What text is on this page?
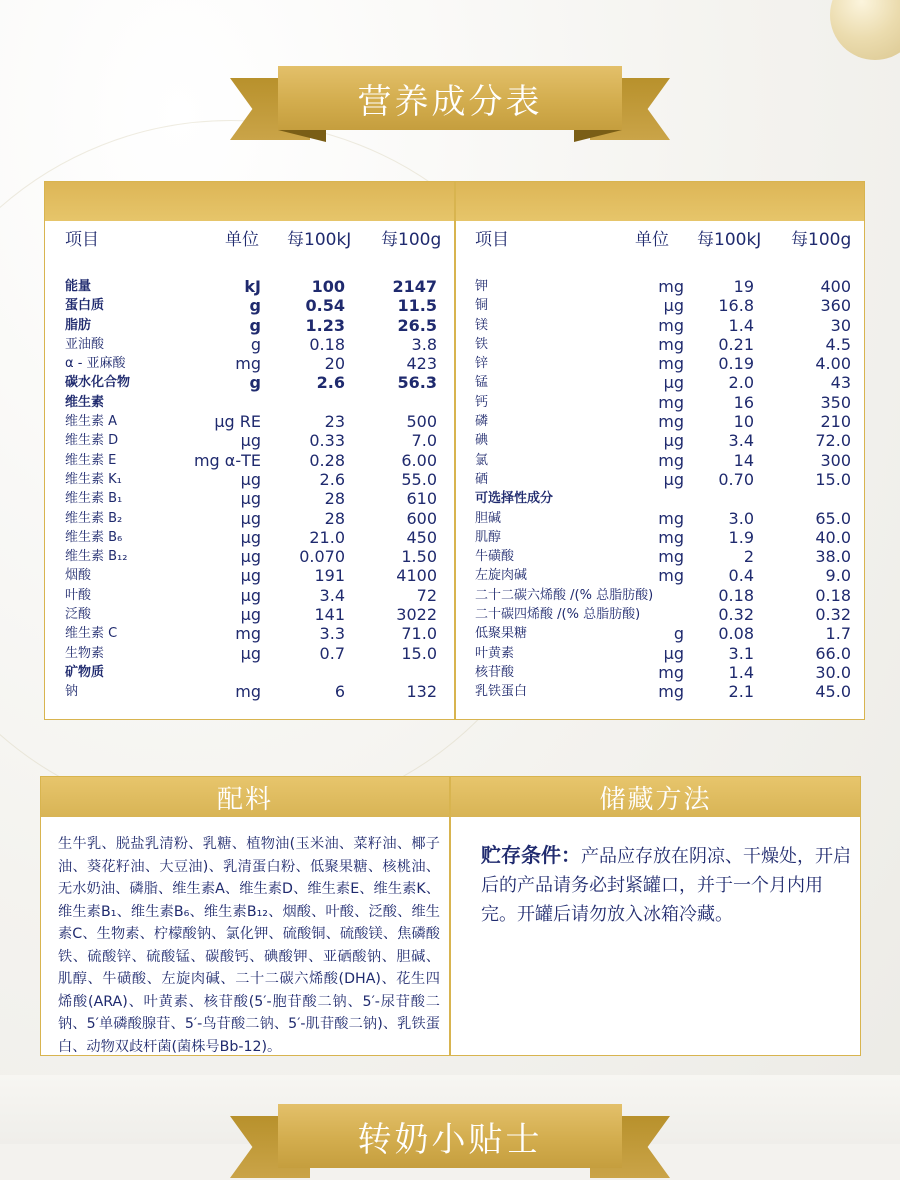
营养成分表
项目	单位 每100kJ 每100g
能量	kJ	100	2147
蛋白质	g	0.54	11.5
脂肪	g	1.23	26.5
亚油酸	g	0.18	3.8
α - 亚麻酸	mg	20	423
碳水化合物	g	2.6	56.3
维生素
维生素 A	μg RE	23	500
维生素 D	μg	0.33	7.0
维生素 E	mg α-TE	0.28	6.00
维生素 K₁	μg	2.6	55.0
维生素 B₁	μg	28	610
维生素 B₂	μg	28	600
维生素 B₆	μg	21.0	450
维生素 B₁₂	μg	0.070	1.50
烟酸	μg	191	4100
叶酸	μg	3.4	72
泛酸	μg	141	3022
维生素 C	mg	3.3	71.0
生物素	μg	0.7	15.0
矿物质
钠	mg	6	132
项目	单位 每100kJ 每100g
钾	mg	19	400
铜	μg	16.8	360
镁	mg	1.4	30
铁	mg	0.21	4.5
锌	mg	0.19	4.00
锰	μg	2.0	43
钙	mg	16	350
磷	mg	10	210
碘	μg	3.4	72.0
氯	mg	14	300
硒	μg	0.70	15.0
可选择性成分
胆碱	mg	3.0	65.0
肌醇	mg	1.9	40.0
牛磺酸	mg	2	38.0
左旋肉碱	mg	0.4	9.0
二十二碳六烯酸 /(% 总脂肪酸)	0.18	0.18
二十碳四烯酸 /(% 总脂肪酸)	0.32	0.32
低聚果糖	g	0.08	1.7
叶黄素	μg	3.1	66.0
核苷酸	mg	1.4	30.0
乳铁蛋白	mg	2.1	45.0
配料	储藏方法
生牛乳、脱盐乳清粉、乳糖、植物油(玉米油、菜籽油、椰子油、葵花籽油、大豆油)、乳清蛋白粉、低聚果糖、核桃油、无水奶油、磷脂、维生素A、维生素D、维生素E、维生素K、维生素B₁、维生素B₆、维生素B₁₂、烟酸、叶酸、泛酸、维生素C、生物素、柠檬酸钠、氯化钾、硫酸铜、硫酸镁、焦磷酸铁、硫酸锌、硫酸锰、碳酸钙、碘酸钾、亚硒酸钠、胆碱、肌醇、牛磺酸、左旋肉碱、二十二碳六烯酸(DHA)、花生四烯酸(ARA)、叶黄素、核苷酸(5′-胞苷酸二钠、5′-尿苷酸二钠、5′单磷酸腺苷、5′-鸟苷酸二钠、5′-肌苷酸二钠)、乳铁蛋白、动物双歧杆菌(菌株号Bb-12)。
贮存条件：产品应存放在阴凉、干燥处，开启后的产品请务必封紧罐口，并于一个月内用完。开罐后请勿放入冰箱冷藏。
转奶小贴士
